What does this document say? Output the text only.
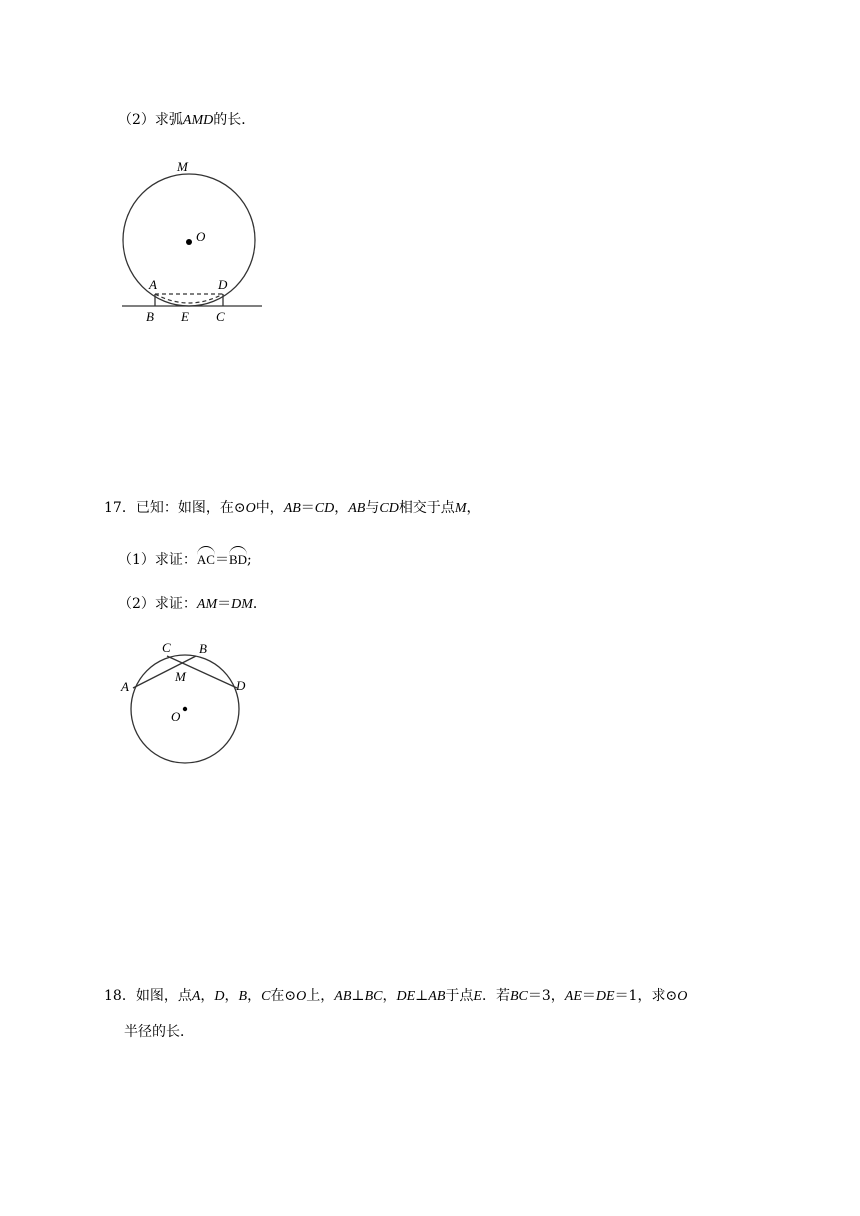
（2）求弧AMD的长．
M
O
A	D
B E C
17．已知：如图，在⊙O中，AB＝CD，AB与CD相交于点M，
（1）求证：AC＝BD;
（2）求证：AM＝DM．
C B
A
M
D
O
18．如图，点A，D，B，C在⊙O上，AB⊥BC，DE⊥AB于点E．若BC＝3，AE＝DE＝1，求⊙O
半径的长．
